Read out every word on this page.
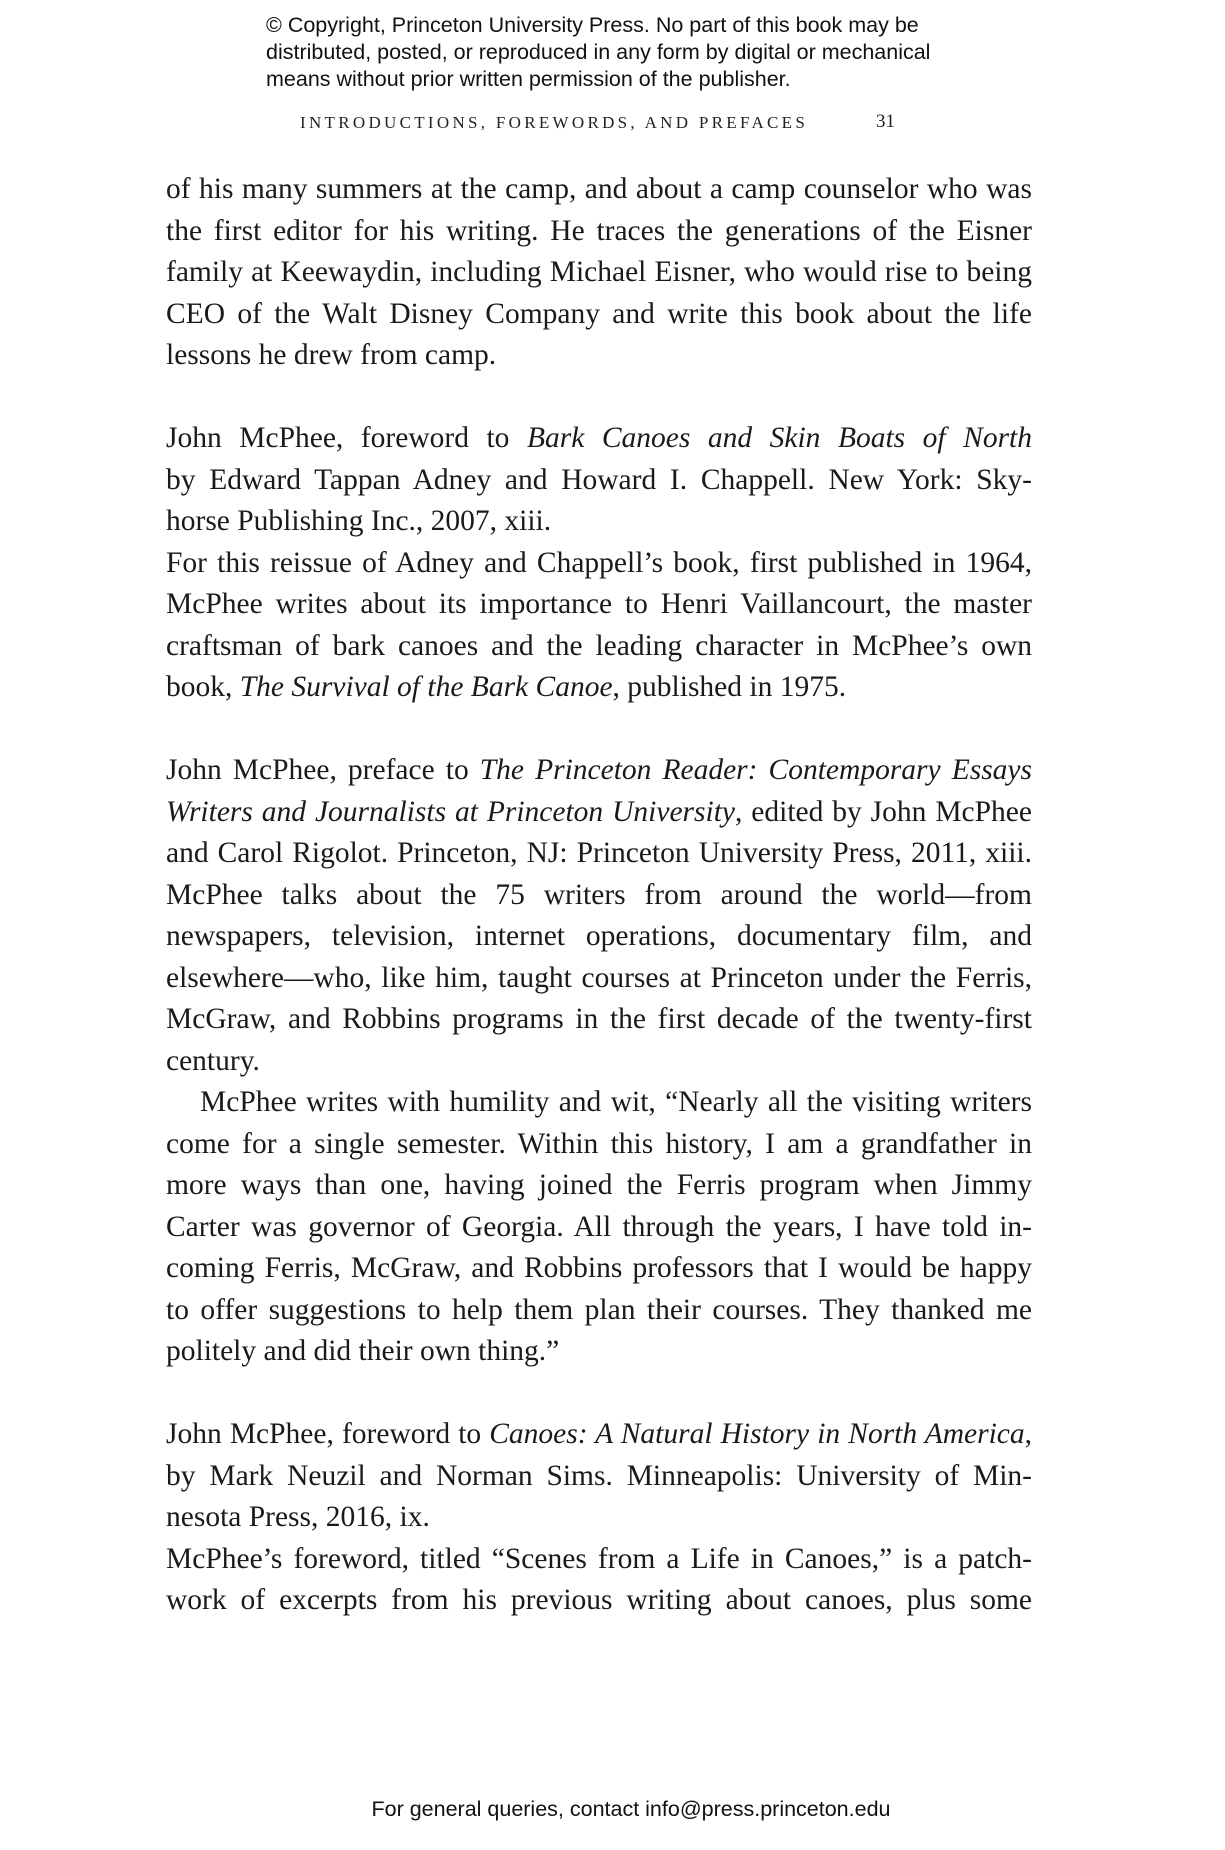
© Copyright, Princeton University Press. No part of this book may be
distributed, posted, or reproduced in any form by digital or mechanical
means without prior written permission of the publisher.
INTRODUCTIONS, FOREWORDS, AND PREFACES	31
of his many summers at the camp, and about a camp counselor who was
the first editor for his writing. He traces the generations of the Eisner
family at Keewaydin, including Michael Eisner, who would rise to being
CEO of the Walt Disney Company and write this book about the life
lessons he drew from camp.
John McPhee, foreword to Bark Canoes and Skin Boats of North
by Edward Tappan Adney and Howard I. Chappell. New York: Sky-
horse Publishing Inc., 2007, xiii.
For this reissue of Adney and Chappell’s book, first published in 1964,
McPhee writes about its importance to Henri Vaillancourt, the master
craftsman of bark canoes and the leading character in McPhee’s own
book, The Survival of the Bark Canoe, published in 1975.
John McPhee, preface to The Princeton Reader: Contemporary Essays
Writers and Journalists at Princeton University, edited by John McPhee
and Carol Rigolot. Princeton, NJ: Princeton University Press, 2011, xiii.
McPhee talks about the 75 writers from around the world—from
newspapers, television, internet operations, documentary film, and
elsewhere—who, like him, taught courses at Princeton under the Ferris,
McGraw, and Robbins programs in the first decade of the twenty-first
century.
McPhee writes with humility and wit, “Nearly all the visiting writers
come for a single semester. Within this history, I am a grandfather in
more ways than one, having joined the Ferris program when Jimmy
Carter was governor of Georgia. All through the years, I have told in-
coming Ferris, McGraw, and Robbins professors that I would be happy
to offer suggestions to help them plan their courses. They thanked me
politely and did their own thing.”
John McPhee, foreword to Canoes: A Natural History in North America,
by Mark Neuzil and Norman Sims. Minneapolis: University of Min-
nesota Press, 2016, ix.
McPhee’s foreword, titled “Scenes from a Life in Canoes,” is a patch-
work of excerpts from his previous writing about canoes, plus some
For general queries, contact info@press.princeton.edu
